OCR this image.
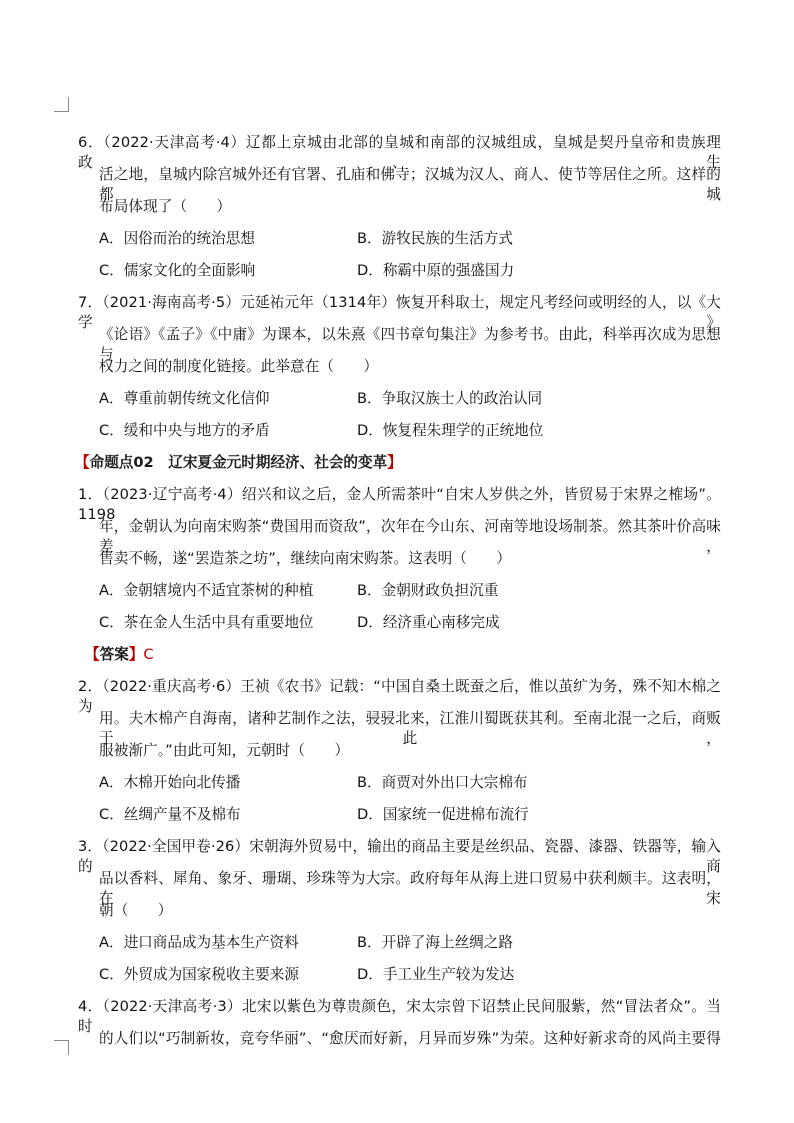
6．（2022·天津高考·4）辽都上京城由北部的皇城和南部的汉城组成，皇城是契丹皇帝和贵族理政、生
活之地，皇城内除宫城外还有官署、孔庙和佛寺；汉城为汉人、商人、使节等居住之所。这样的都城
布局体现了（　　）
A．因俗而治的统治思想	B．游牧民族的生活方式
C．儒家文化的全面影响	D．称霸中原的强盛国力
7．（2021·海南高考·5）元延祐元年（1314年）恢复开科取士，规定凡考经问或明经的人，以《大学》
《论语》《孟子》《中庸》为课本，以朱熹《四书章句集注》为参考书。由此，科举再次成为思想与
权力之间的制度化链接。此举意在（　　）
A．尊重前朝传统文化信仰	B．争取汉族士人的政治认同
C．缓和中央与地方的矛盾	D．恢复程朱理学的正统地位
【命题点02　辽宋夏金元时期经济、社会的变革】
1．（2023·辽宁高考·4）绍兴和议之后，金人所需茶叶“自宋人岁供之外，皆贸易于宋界之榷场”。1198
年，金朝认为向南宋购茶“费国用而资敌”，次年在今山东、河南等地设场制茶。然其茶叶价高味差，
售卖不畅，遂“罢造茶之坊”，继续向南宋购茶。这表明（　　）
A．金朝辖境内不适宜茶树的种植	B．金朝财政负担沉重
C．茶在金人生活中具有重要地位	D．经济重心南移完成
【答案】C
2．（2022·重庆高考·6）王祯《农书》记载：“中国自桑土既蚕之后，惟以茧纩为务，殊不知木棉之为
用。夫木棉产自海南，诸种艺制作之法，骎骎北来，江淮川蜀既获其利。至南北混一之后，商贩于此，
服被渐广。”由此可知，元朝时（　　）
A．木棉开始向北传播	B．商贾对外出口大宗棉布
C．丝绸产量不及棉布	D．国家统一促进棉布流行
3．（2022·全国甲卷·26）宋朝海外贸易中，输出的商品主要是丝织品、瓷器、漆器、铁器等，输入的商
品以香料、犀角、象牙、珊瑚、珍珠等为大宗。政府每年从海上进口贸易中获利颇丰。这表明，在宋
朝（　　）
A．进口商品成为基本生产资料	B．开辟了海上丝绸之路
C．外贸成为国家税收主要来源	D．手工业生产较为发达
4．（2022·天津高考·3）北宋以紫色为尊贵颜色，宋太宗曾下诏禁止民间服紫，然“冒法者众”。当时
的人们以“巧制新妆，竞夸华丽”、“愈厌而好新，月异而岁殊”为荣。这种好新求奇的风尚主要得
